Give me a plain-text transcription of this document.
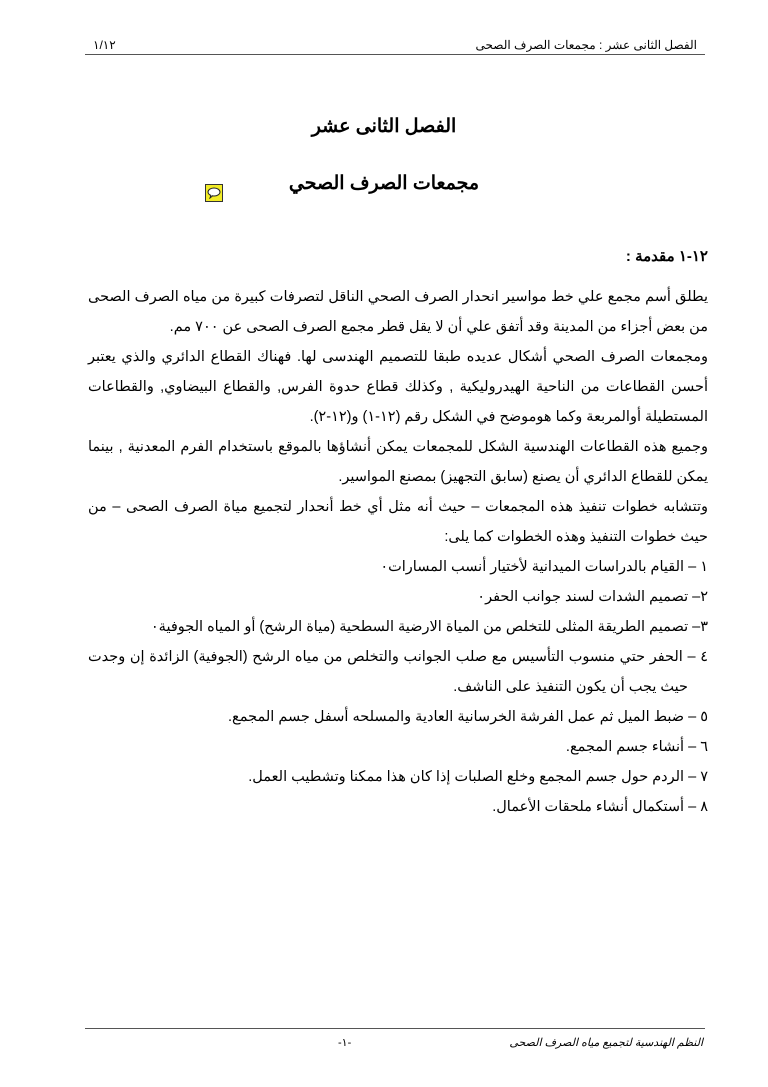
الفصل الثانى عشر : مجمعات الصرف الصحى
١/١٢
الفصل الثانى عشر
مجمعات الصرف الصحي
١٢-١ مقدمة :

يطلق أسم مجمع علي خط مواسير انحدار الصرف الصحي الناقل لتصرفات كبيرة من مياه الصرف الصحى من بعض أجزاء من المدينة وقد أتفق علي أن لا يقل قطر مجمع الصرف الصحى عن ٧٠٠ مم.

ومجمعات الصرف الصحي أشكال عديده طبقا للتصميم الهندسى لها. فهناك القطاع الدائري والذي يعتبر أحسن القطاعات من الناحية الهيدروليكية , وكذلك قطاع حدوة الفرس, والقطاع البيضاوي, والقطاعات المستطيلة أوالمربعة وكما هوموضح في الشكل رقم (١٢-١) و(١٢-٢).

وجميع هذه القطاعات الهندسية الشكل للمجمعات يمكن أنشاؤها بالموقع باستخدام الفرم المعدنية , بينما يمكن للقطاع الدائري أن يصنع (سابق التجهيز) بمصنع المواسير.

وتتشابه خطوات تنفيذ هذه المجمعات – حيث أنه مثل أي خط أنحدار لتجميع مياة الصرف الصحى – من حيث خطوات التنفيذ وهذه الخطوات كما يلى:

١ – القيام بالدراسات الميدانية لأختيار أنسب المسارات٠
٢– تصميم الشدات لسند جوانب الحفر٠
٣– تصميم الطريقة المثلى للتخلص من المياة الارضية السطحية (مياة الرشح) أو المياه الجوفية٠
٤ – الحفر حتي منسوب التأسيس مع صلب الجوانب والتخلص من مياه الرشح (الجوفية) الزائدة إن وجدت حيث يجب أن يكون التنفيذ على الناشف.
٥ – ضبط الميل ثم عمل الفرشة الخرسانية العادية والمسلحه أسفل جسم المجمع.
٦ – أنشاء جسم المجمع.
٧ – الردم حول جسم المجمع وخلع الصلبات إذا كان هذا ممكنا وتشطيب العمل.
٨ – أستكمال أنشاء ملحقات الأعمال.
النظم الهندسية لتجميع مياه الصرف الصحى
-١-
